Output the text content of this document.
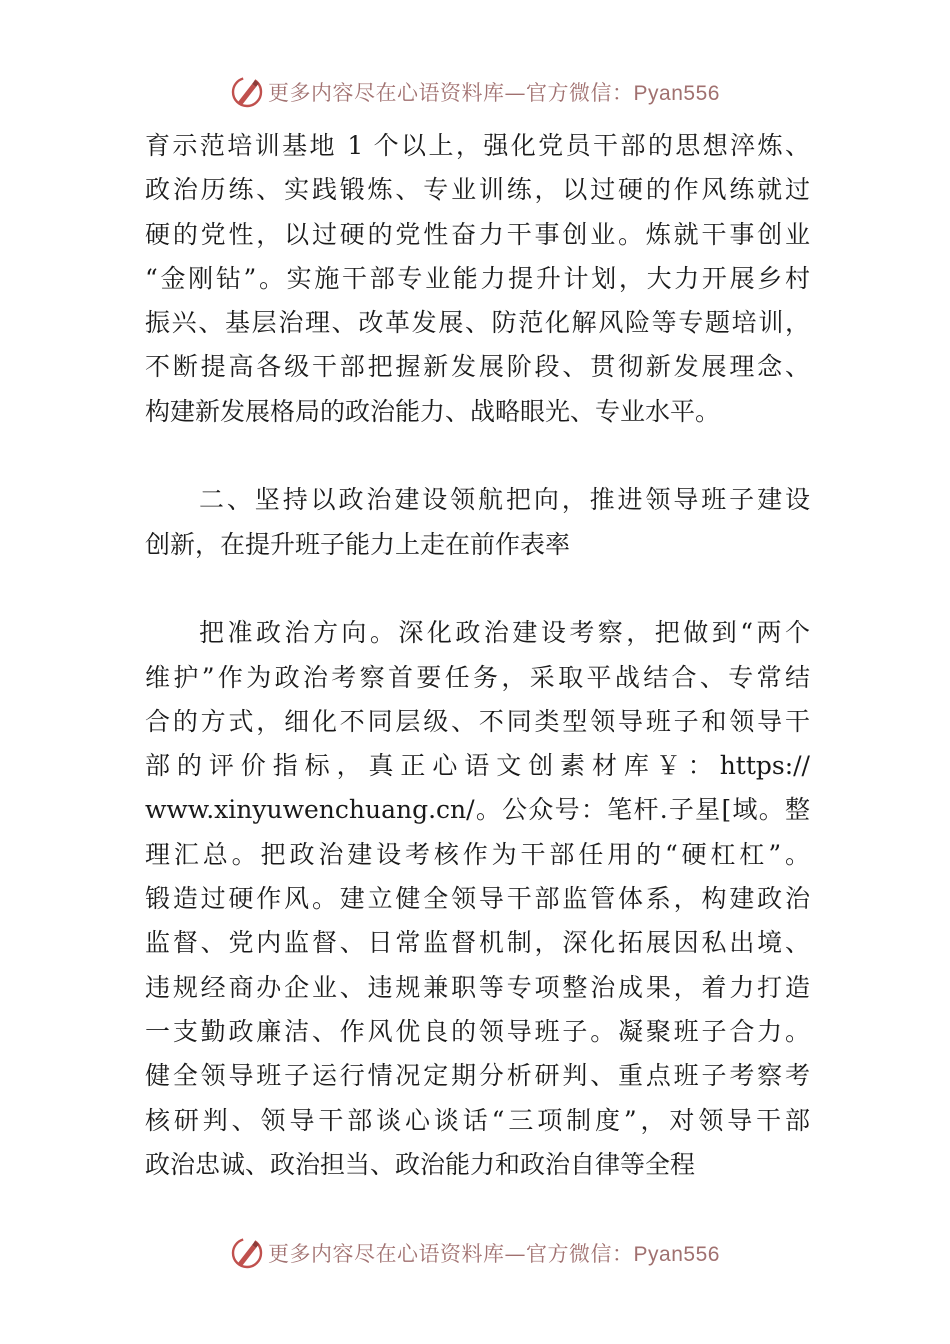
更多内容尽在心语资料库—官方微信：Pyan556
育示范培训基地 1 个以上，强化党员干部的思想淬炼、
政治历练、实践锻炼、专业训练，以过硬的作风练就过
硬的党性，以过硬的党性奋力干事创业。炼就干事创业
“金刚钻”。实施干部专业能力提升计划，大力开展乡村
振兴、基层治理、改革发展、防范化解风险等专题培训，
不断提高各级干部把握新发展阶段、贯彻新发展理念、
构建新发展格局的政治能力、战略眼光、专业水平。
二、坚持以政治建设领航把向，推进领导班子建设
创新，在提升班子能力上走在前作表率
把准政治方向。深化政治建设考察，把做到“两个
维护”作为政治考察首要任务，采取平战结合、专常结
合的方式，细化不同层级、不同类型领导班子和领导干
部的评价指标，真正心语文创素材库￥：https://
www.xinyuwenchuang.cn/。公众号：笔杆.子星[域。整
理汇总。把政治建设考核作为干部任用的“硬杠杠”。
锻造过硬作风。建立健全领导干部监管体系，构建政治
监督、党内监督、日常监督机制，深化拓展因私出境、
违规经商办企业、违规兼职等专项整治成果，着力打造
一支勤政廉洁、作风优良的领导班子。凝聚班子合力。
健全领导班子运行情况定期分析研判、重点班子考察考
核研判、领导干部谈心谈话“三项制度”，对领导干部
政治忠诚、政治担当、政治能力和政治自律等全程
更多内容尽在心语资料库—官方微信：Pyan556
